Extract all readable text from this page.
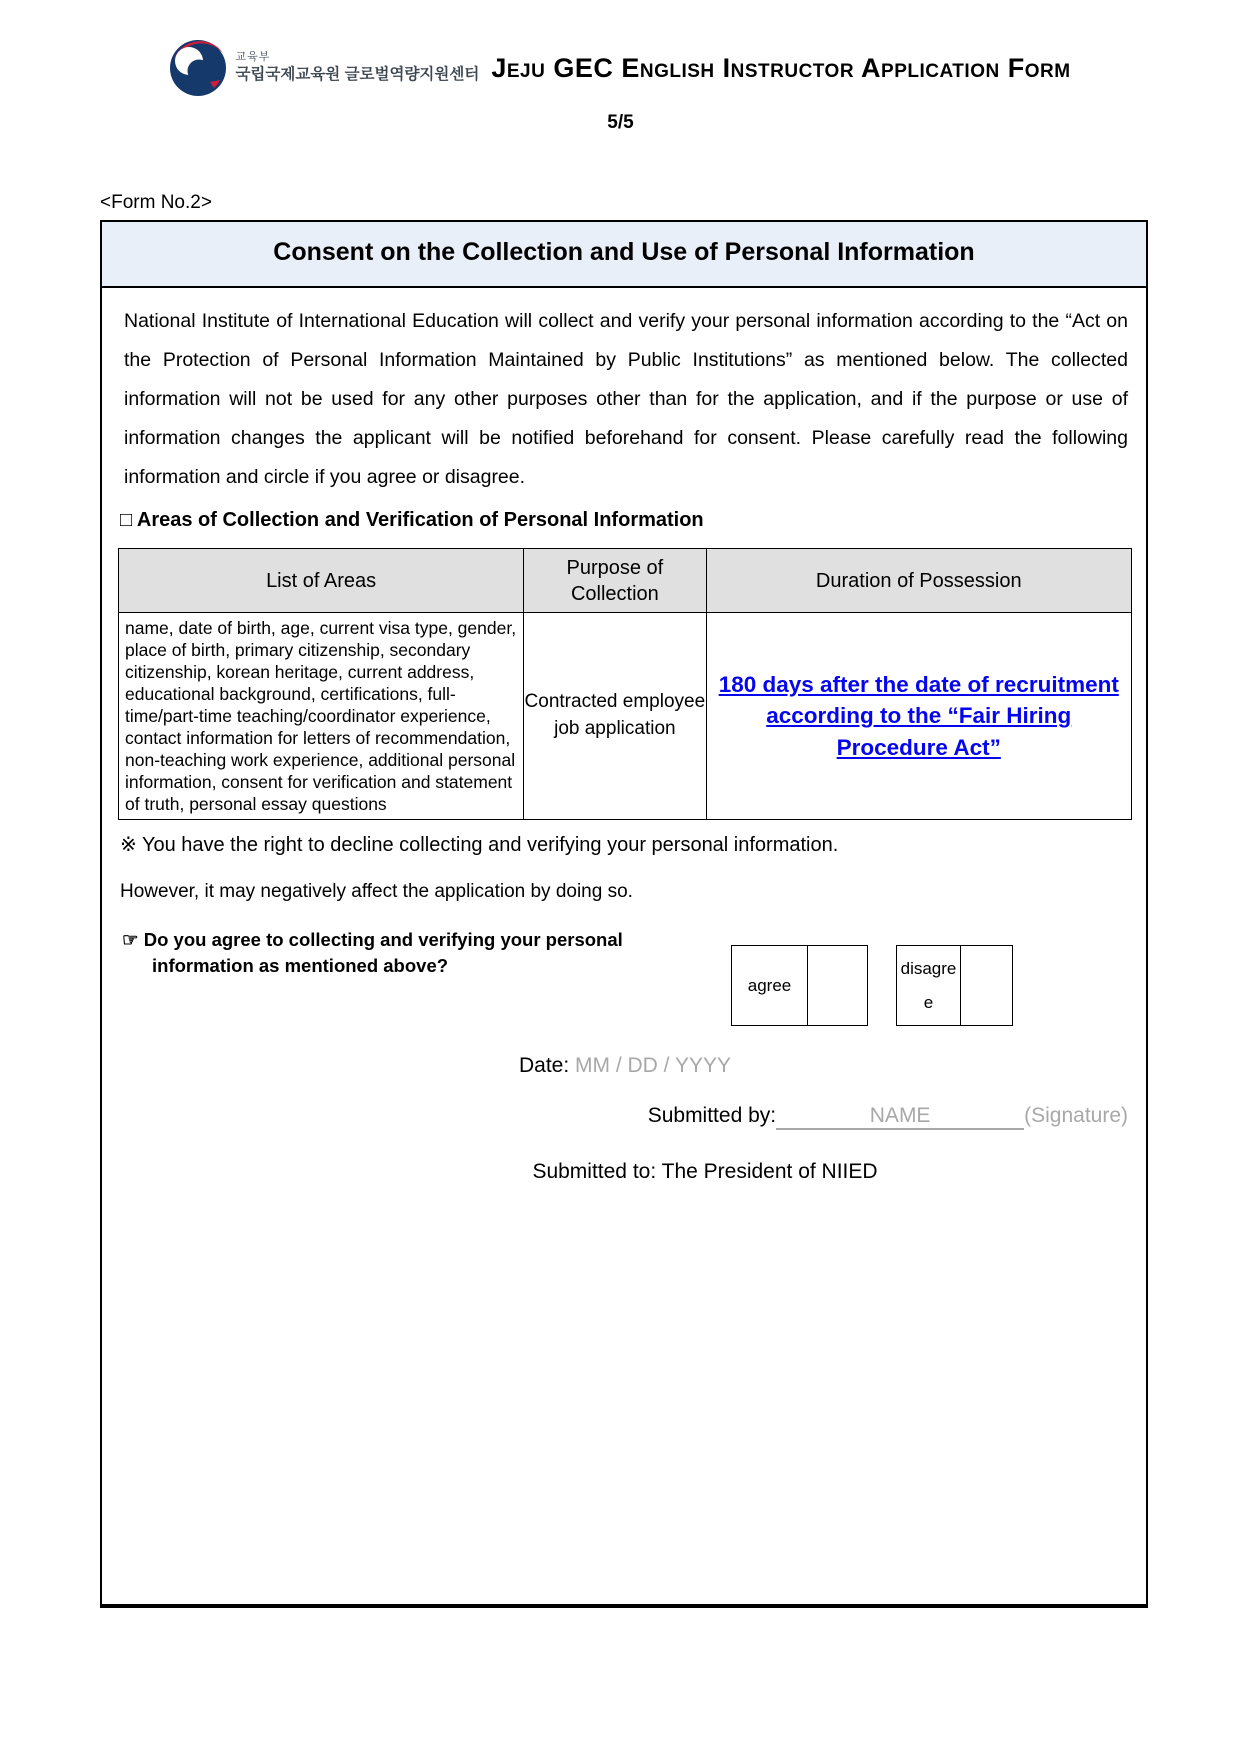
교육부
국립국제교육원 글로벌역량지원센터 Jeju GEC English Instructor Application Form
5/5
<Form No.2>
Consent on the Collection and Use of Personal Information

National Institute of International Education will collect and verify your personal information according to the “Act on the Protection of Personal Information Maintained by Public Institutions” as mentioned below. The collected information will not be used for any other purposes other than for the application, and if the purpose or use of information changes the applicant will be notified beforehand for consent. Please carefully read the following information and circle if you agree or disagree.

□ Areas of Collection and Verification of Personal Information
List of Areas	Purpose of Collection	Duration of Possession
name, date of birth, age, current visa type, gender, place of birth, primary citizenship, secondary citizenship, korean heritage, current address, educational background, certifications, full-time/part-time teaching/coordinator experience, contact information for letters of recommendation, non-teaching work experience, additional personal information, consent for verification and statement of truth, personal essay questions	Contracted employee job application	180 days after the date of recruitment according to the “Fair Hiring Procedure Act”
※ You have the right to decline collecting and verifying your personal information.
However, it may negatively affect the application by doing so.
☞ Do you agree to collecting and verifying your personal information as mentioned above?
agree	
disagree	
Date: MM / DD / YYYY
Submitted by:	NAME	(Signature)
Submitted to: The President of NIIED
